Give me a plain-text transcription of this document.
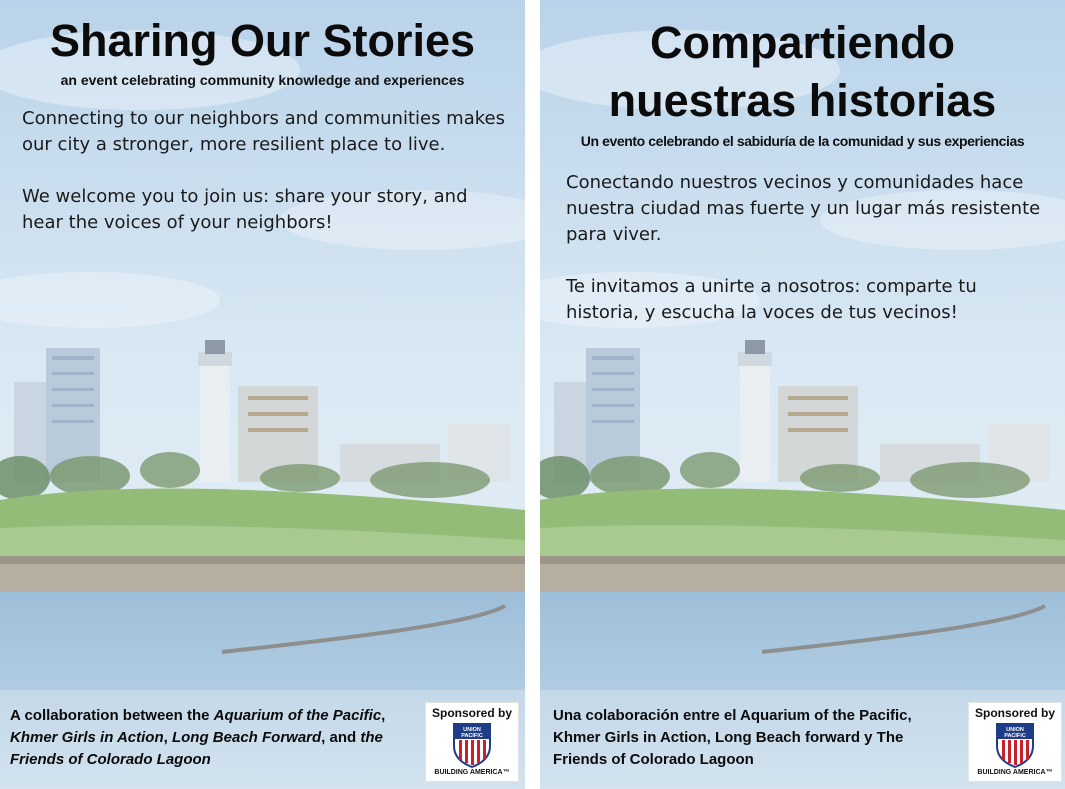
Sharing Our Stories

an event celebrating community knowledge and experiences

Connecting to our neighbors and communities makes our city a stronger, more resilient place to live.
We welcome you to join us: share your story, and hear the voices of your neighbors!

A collaboration between the Aquarium of the Pacific, Khmer Girls in Action, Long Beach Forward, and the Friends of Colorado Lagoon

Sponsored by
UNION
PACIFIC
BUILDING AMERICA™
Compartiendo
nuestras historias

Un evento celebrando el sabiduría de la comunidad y sus experiencias

Conectando nuestros vecinos y comunidades hace nuestra ciudad mas fuerte y un lugar más resistente para viver.
Te invitamos a unirte a nosotros: comparte tu historia, y escucha la voces de tus vecinos!

Una colaboración entre el Aquarium of the Pacific, Khmer Girls in Action, Long Beach forward y The Friends of Colorado Lagoon

Sponsored by
UNION
PACIFIC
BUILDING AMERICA™
